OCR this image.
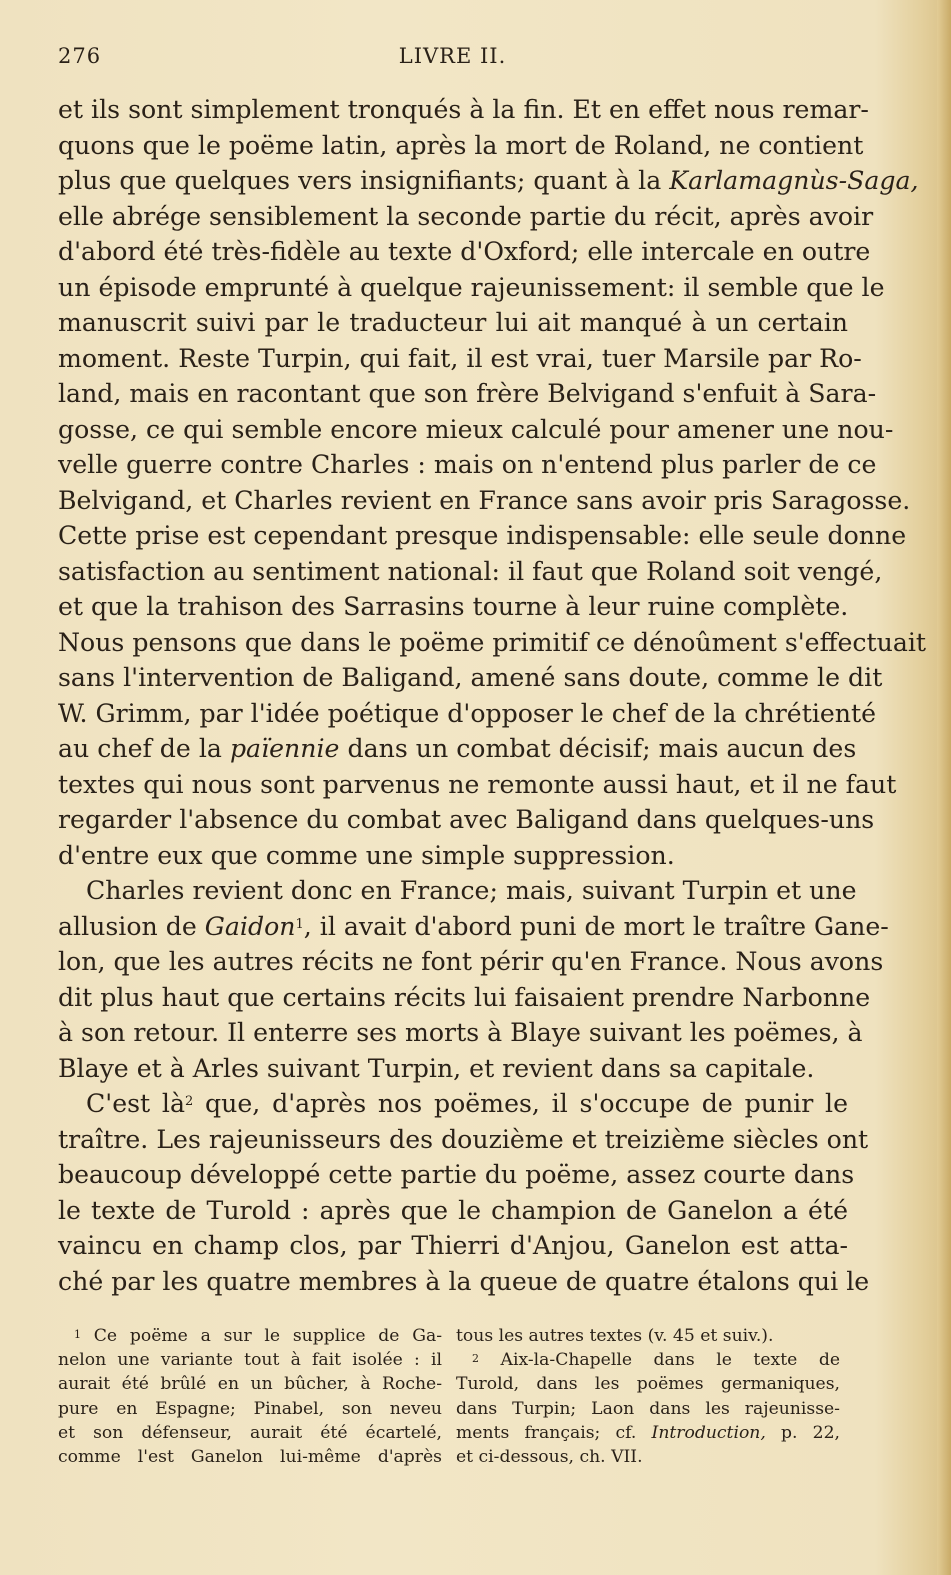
276	LIVRE II.
et ils sont simplement tronqués à la fin. Et en effet nous remar-
quons que le poëme latin, après la mort de Roland, ne contient
plus que quelques vers insignifiants; quant à la Karlamagnùs-Saga,
elle abrége sensiblement la seconde partie du récit, après avoir
d'abord été très-fidèle au texte d'Oxford; elle intercale en outre
un épisode emprunté à quelque rajeunissement: il semble que le
manuscrit suivi par le traducteur lui ait manqué à un certain
moment. Reste Turpin, qui fait, il est vrai, tuer Marsile par Ro-
land, mais en racontant que son frère Belvigand s'enfuit à Sara-
gosse, ce qui semble encore mieux calculé pour amener une nou-
velle guerre contre Charles : mais on n'entend plus parler de ce
Belvigand, et Charles revient en France sans avoir pris Saragosse.
Cette prise est cependant presque indispensable: elle seule donne
satisfaction au sentiment national: il faut que Roland soit vengé,
et que la trahison des Sarrasins tourne à leur ruine complète.
Nous pensons que dans le poëme primitif ce dénoûment s'effectuait
sans l'intervention de Baligand, amené sans doute, comme le dit
W. Grimm, par l'idée poétique d'opposer le chef de la chrétienté
au chef de la païennie dans un combat décisif; mais aucun des
textes qui nous sont parvenus ne remonte aussi haut, et il ne faut
regarder l'absence du combat avec Baligand dans quelques-uns
d'entre eux que comme une simple suppression.
Charles revient donc en France; mais, suivant Turpin et une
allusion de Gaidon$^1$, il avait d'abord puni de mort le traître Gane-
lon, que les autres récits ne font périr qu'en France. Nous avons
dit plus haut que certains récits lui faisaient prendre Narbonne
à son retour. Il enterre ses morts à Blaye suivant les poëmes, à
Blaye et à Arles suivant Turpin, et revient dans sa capitale.
C'est $là^2$ que, d'après nos poëmes, il s'occupe de punir le
traître. Les rajeunisseurs des douzième et treizième siècles ont
beaucoup développé cette partie du poëme, assez courte dans
le texte de Turold : après que le champion de Ganelon a été
vaincu en champ clos, par Thierri d'Anjou, Ganelon est atta-
ché par les quatre membres à la queue de quatre étalons qui le
$^1$ Ce poëme a sur le supplice de Ga-
nelon une variante tout à fait isolée : il
aurait été brûlé en un bûcher, à Roche-
pure en Espagne; Pinabel, son neveu
et son défenseur, aurait été écartelé,
comme l'est Ganelon lui-même d'après
tous les autres textes (v. 45 et suiv.).
$^2$ Aix-la-Chapelle dans le texte de
Turold, dans les poëmes germaniques,
dans Turpin; Laon dans les rajeunisse-
ments français; cf. Introduction, p. 22,
et ci-dessous, ch. VII.
